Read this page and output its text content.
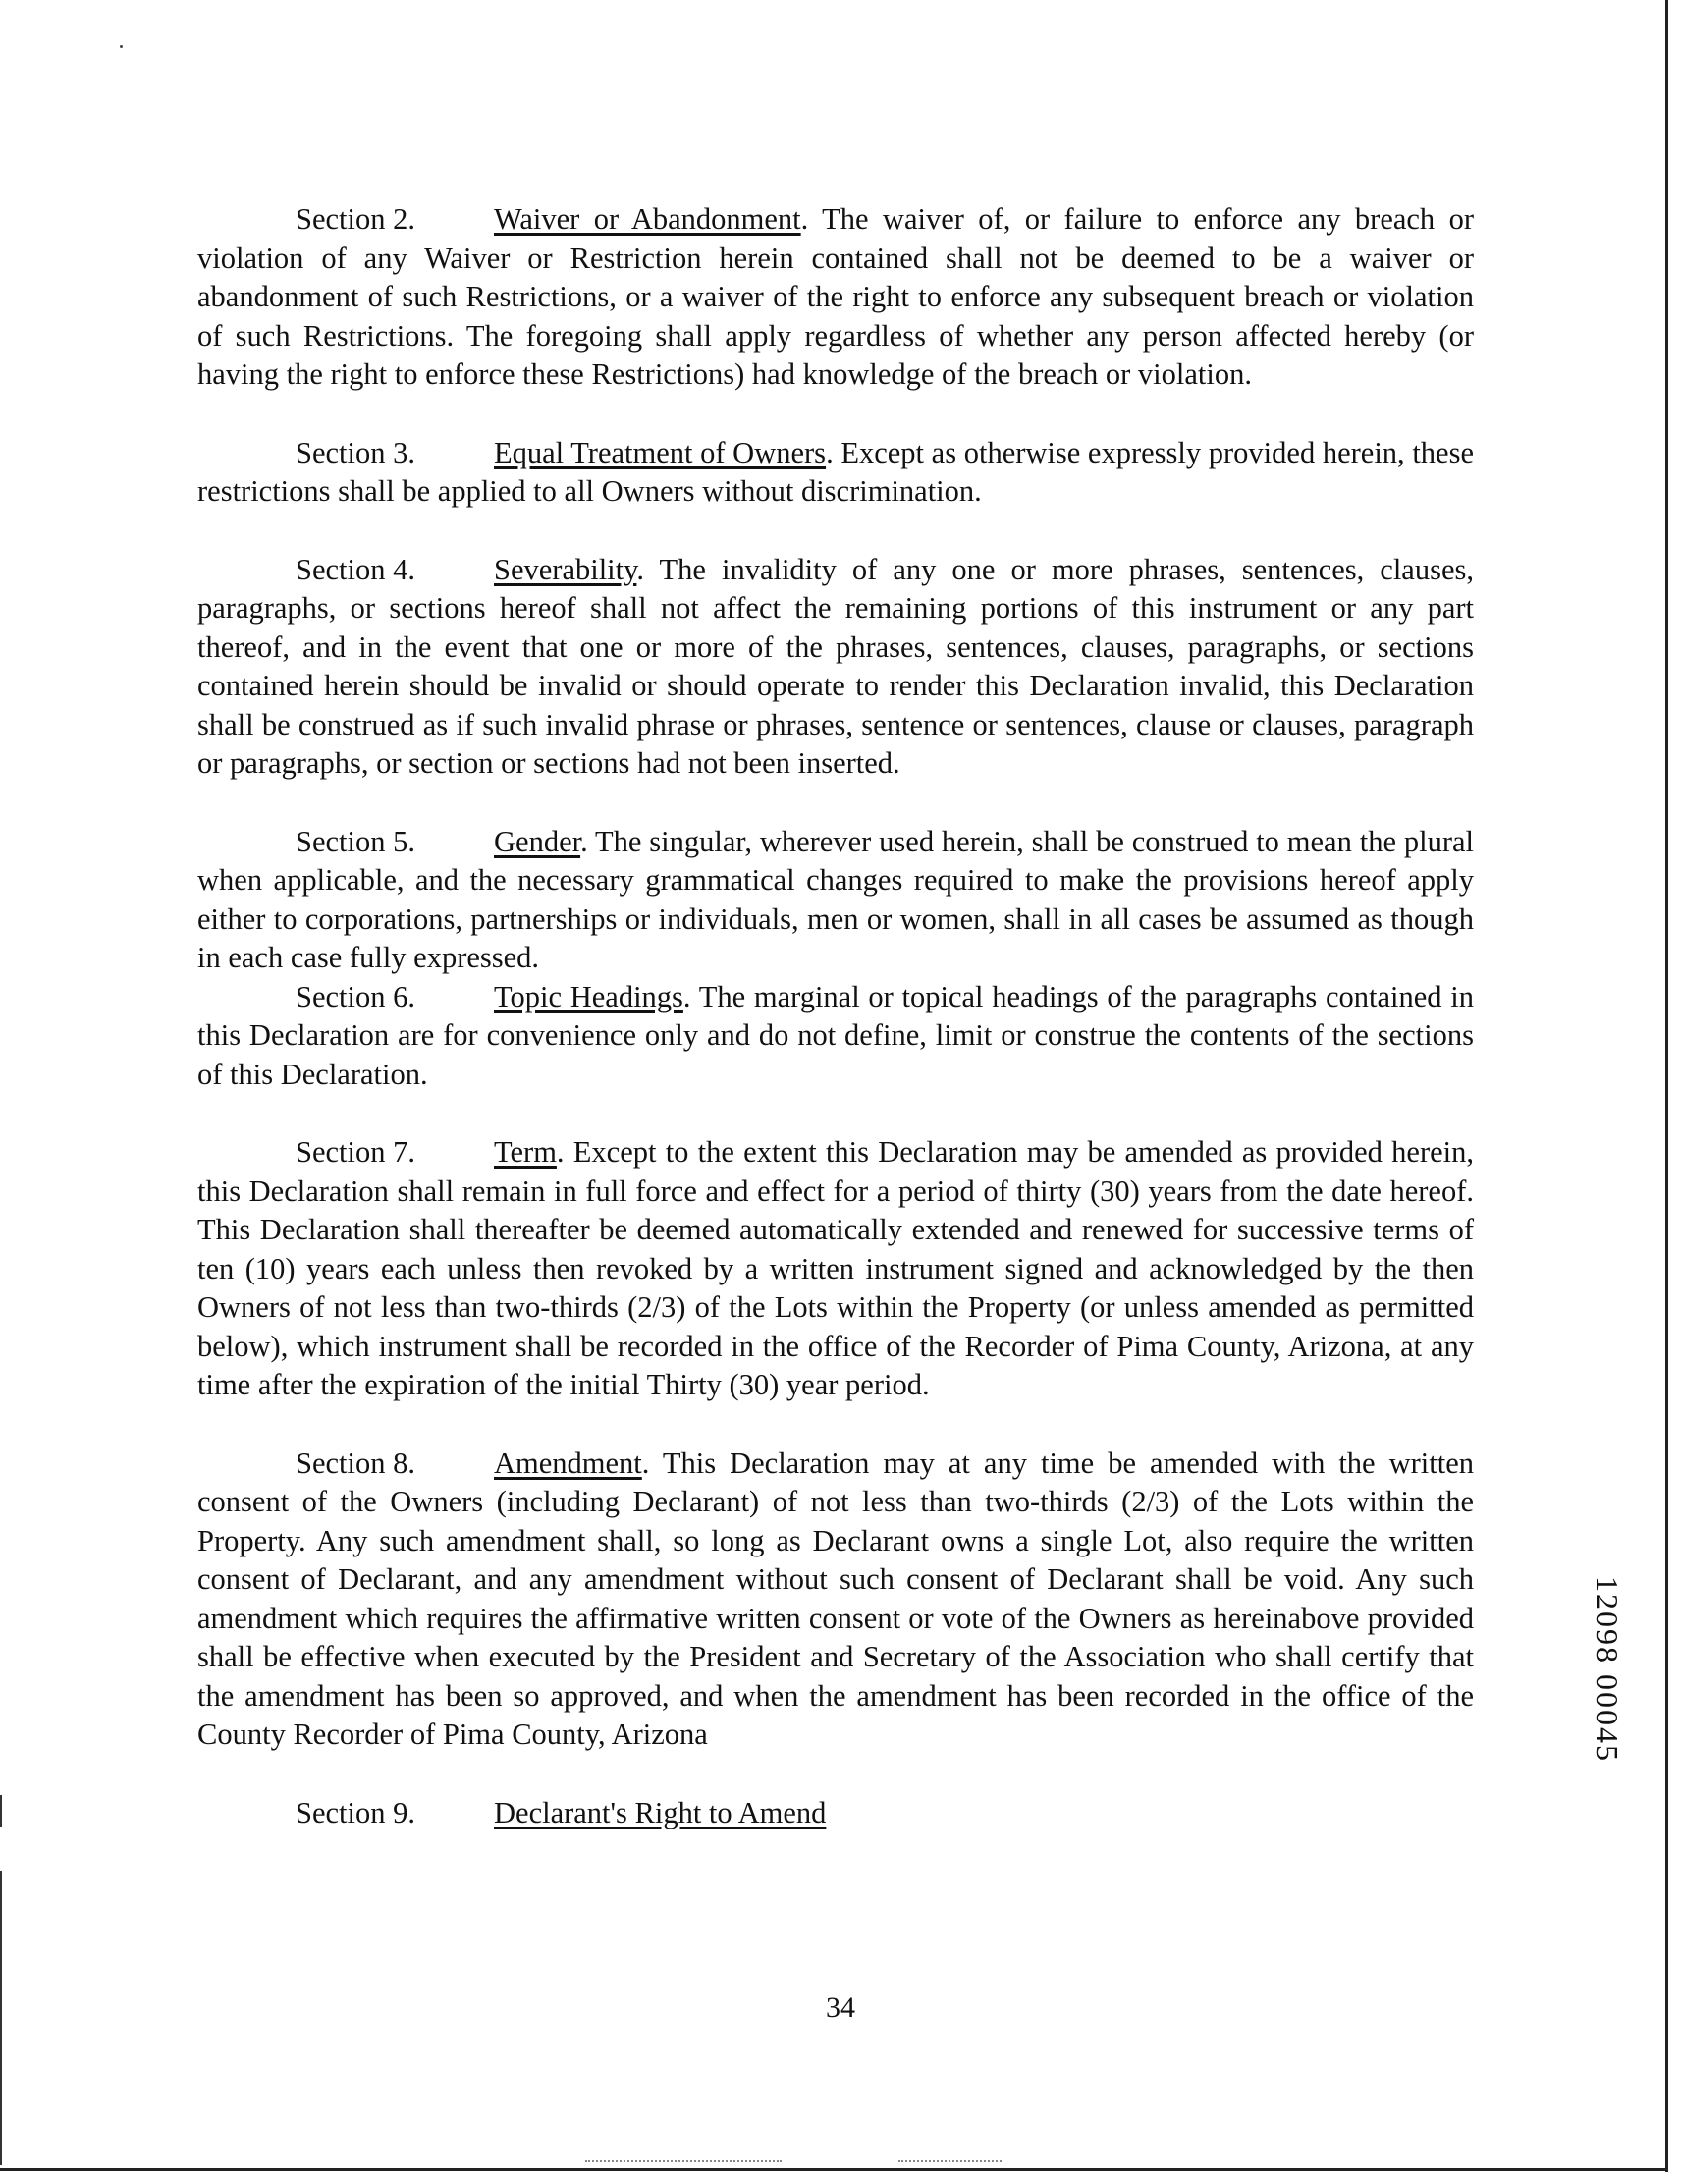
Section 2.	Waiver or Abandonment. The waiver of, or failure to enforce any breach or violation of any Waiver or Restriction herein contained shall not be deemed to be a waiver or abandonment of such Restrictions, or a waiver of the right to enforce any subsequent breach or violation of such Restrictions. The foregoing shall apply regardless of whether any person affected hereby (or having the right to enforce these Restrictions) had knowledge of the breach or violation.

Section 3.	Equal Treatment of Owners. Except as otherwise expressly provided herein, these restrictions shall be applied to all Owners without discrimination.

Section 4.	Severability. The invalidity of any one or more phrases, sentences, clauses, paragraphs, or sections hereof shall not affect the remaining portions of this instrument or any part thereof, and in the event that one or more of the phrases, sentences, clauses, paragraphs, or sections contained herein should be invalid or should operate to render this Declaration invalid, this Declaration shall be construed as if such invalid phrase or phrases, sentence or sentences, clause or clauses, paragraph or paragraphs, or section or sections had not been inserted.

Section 5.	Gender. The singular, wherever used herein, shall be construed to mean the plural when applicable, and the necessary grammatical changes required to make the provisions hereof apply either to corporations, partnerships or individuals, men or women, shall in all cases be assumed as though in each case fully expressed.

Section 6.	Topic Headings. The marginal or topical headings of the paragraphs contained in this Declaration are for convenience only and do not define, limit or construe the contents of the sections of this Declaration.

Section 7.	Term. Except to the extent this Declaration may be amended as provided herein, this Declaration shall remain in full force and effect for a period of thirty (30) years from the date hereof. This Declaration shall thereafter be deemed automatically extended and renewed for successive terms of ten (10) years each unless then revoked by a written instrument signed and acknowledged by the then Owners of not less than two-thirds (2/3) of the Lots within the Property (or unless amended as permitted below), which instrument shall be recorded in the office of the Recorder of Pima County, Arizona, at any time after the expiration of the initial Thirty (30) year period.

Section 8.	Amendment. This Declaration may at any time be amended with the written consent of the Owners (including Declarant) of not less than two-thirds (2/3) of the Lots within the Property. Any such amendment shall, so long as Declarant owns a single Lot, also require the written consent of Declarant, and any amendment without such consent of Declarant shall be void. Any such amendment which requires the affirmative written consent or vote of the Owners as hereinabove provided shall be effective when executed by the President and Secretary of the Association who shall certify that the amendment has been so approved, and when the amendment has been recorded in the office of the County Recorder of Pima County, Arizona

Section 9.	Declarant's Right to Amend

34
12098 00045
